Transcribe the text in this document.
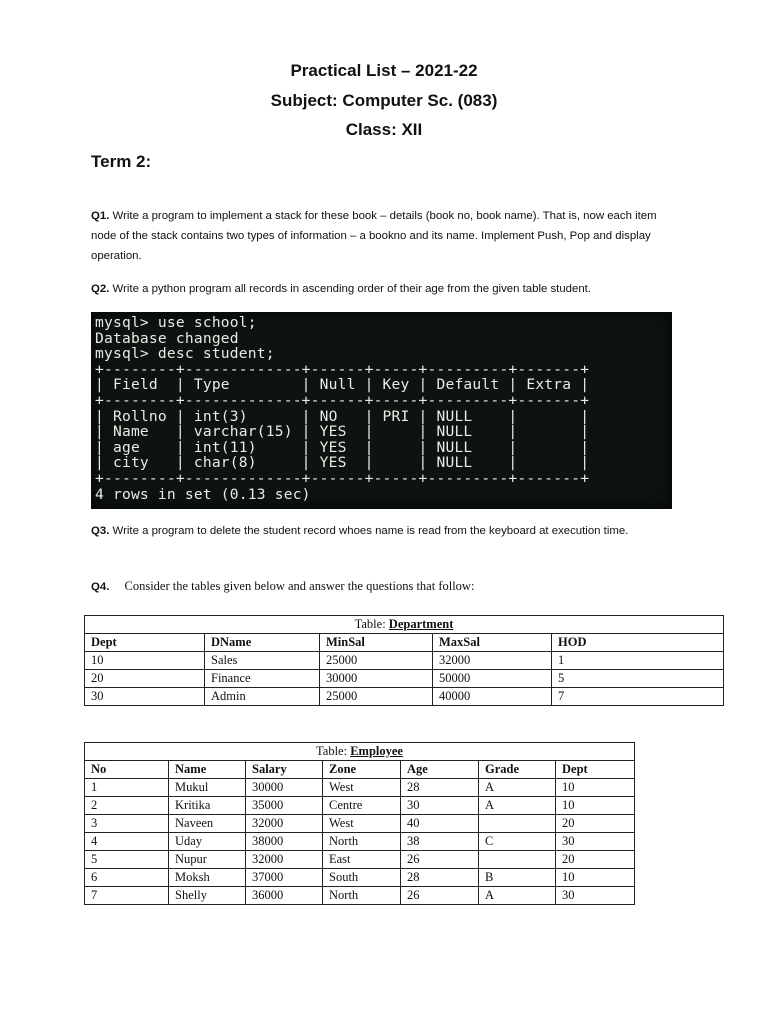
Practical List – 2021-22
Subject: Computer Sc. (083)
Class: XII
Term 2:
Q1. Write a program to implement a stack for these book – details (book no, book name). That is, now each item node of the stack contains two types of information – a bookno and its name. Implement Push, Pop and display operation.
Q2. Write a python program all records in ascending order of their age from the given table student.
mysql> use school;
Database changed
mysql> desc student;
+--------+-------------+------+-----+---------+-------+
| Field  | Type        | Null | Key | Default | Extra |
+--------+-------------+------+-----+---------+-------+
| Rollno | int(3)      | NO   | PRI | NULL    |       |
| Name   | varchar(15) | YES  |     | NULL    |       |
| age    | int(11)     | YES  |     | NULL    |       |
| city   | char(8)     | YES  |     | NULL    |       |
+--------+-------------+------+-----+---------+-------+
4 rows in set (0.13 sec)
Q3. Write a program to delete the student record whoes name is read from the keyboard at execution time.
Q4. Consider the tables given below and answer the questions that follow:
Table: Department				
Dept	DName	MinSal	MaxSal	HOD
10	Sales	25000	32000	1
20	Finance	30000	50000	5
30	Admin	25000	40000	7
Table: Employee						
No	Name	Salary	Zone	Age	Grade	Dept
1	Mukul	30000	West	28	A	10
2	Kritika	35000	Centre	30	A	10
3	Naveen	32000	West	40		20
4	Uday	38000	North	38	C	30
5	Nupur	32000	East	26		20
6	Moksh	37000	South	28	B	10
7	Shelly	36000	North	26	A	30
